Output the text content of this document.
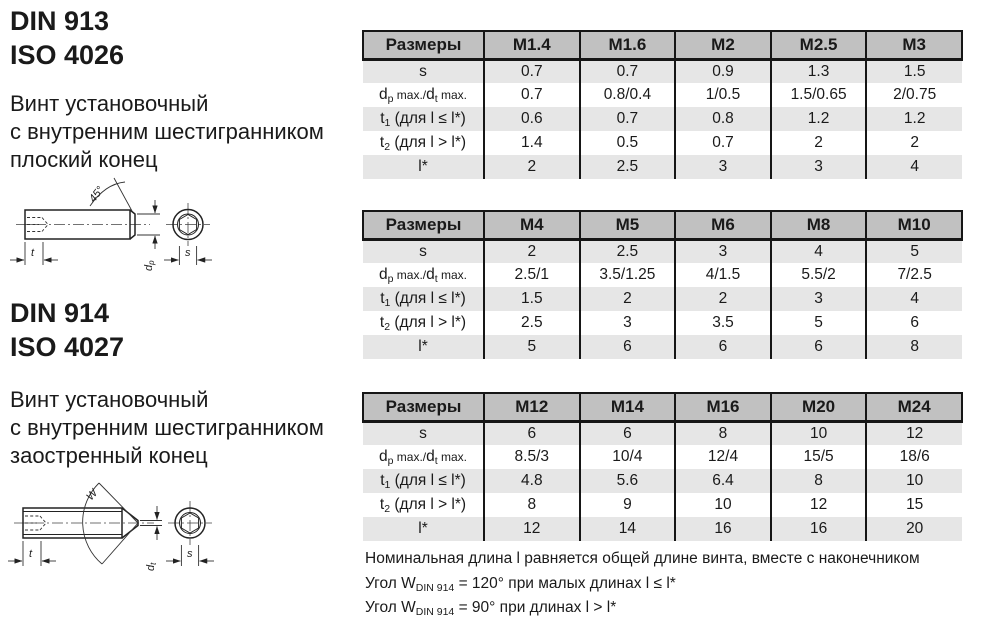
DIN 913
ISO 4026
Винт установочный
с внутренним шестигранником
плоский конец
45°
t
dp
s
DIN 914
ISO 4027
Винт установочный
с внутренним шестигранником
заостренный конец
W
t
dt
s
Размеры	M1.4	M1.6	M2	M2.5	M3
s	0.7	0.7	0.9	1.3	1.5
dp max./dt max.	0.7	0.8/0.4	1/0.5	1.5/0.65	2/0.75
t1 (для l ≤ l*)	0.6	0.7	0.8	1.2	1.2
t2 (для l > l*)	1.4	0.5	0.7	2	2
l*	2	2.5	3	3	4
Размеры	M4	M5	M6	M8	M10
s	2	2.5	3	4	5
dp max./dt max.	2.5/1	3.5/1.25	4/1.5	5.5/2	7/2.5
t1 (для l ≤ l*)	1.5	2	2	3	4
t2 (для l > l*)	2.5	3	3.5	5	6
l*	5	6	6	6	8
Размеры	M12	M14	M16	M20	M24
s	6	6	8	10	12
dp max./dt max.	8.5/3	10/4	12/4	15/5	18/6
t1 (для l ≤ l*)	4.8	5.6	6.4	8	10
t2 (для l > l*)	8	9	10	12	15
l*	12	14	16	16	20
Номинальная длина l равняется общей длине винта, вместе с наконечником
Угол WDIN 914 = 120° при малых длинах l ≤ l*
Угол WDIN 914 = 90° при длинах l > l*
